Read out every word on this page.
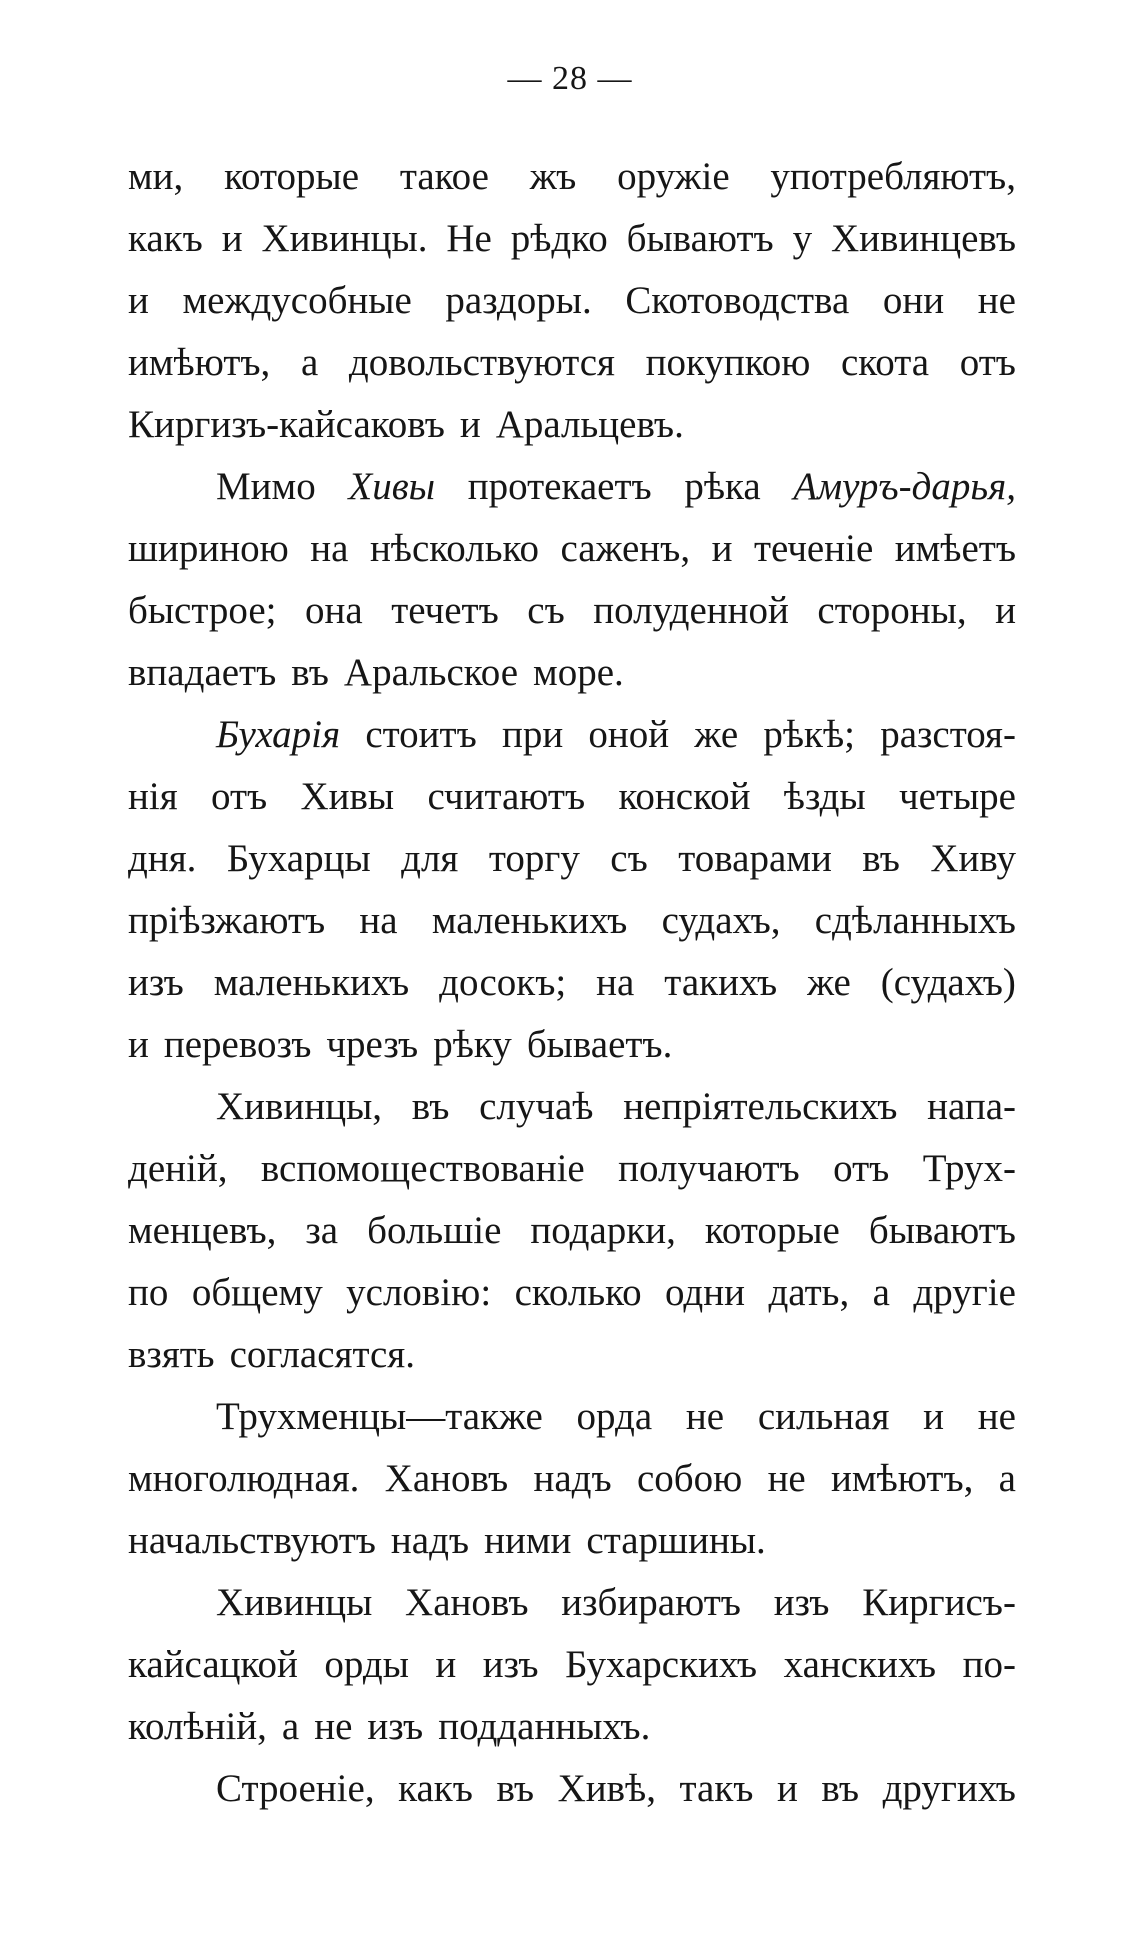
— 28 —
ми, которые такое жъ оружіе употребляютъ,
какъ и Хивинцы. Не рѣдко бываютъ у Хивинцевъ
и междусобные раздоры. Скотоводства они не
имѣютъ, а довольствуются покупкою скота отъ
Киргизъ-кайсаковъ и Аральцевъ.
Мимо Хивы протекаетъ рѣка Амуръ-дарья,
шириною на нѣсколько саженъ, и теченіе имѣетъ
быстрое; она течетъ съ полуденной стороны, и
впадаетъ въ Аральское море.
Бухарія стоитъ при оной же рѣкѣ; разстоя-
нія отъ Хивы считаютъ конской ѣзды четыре
дня. Бухарцы для торгу съ товарами въ Хиву
пріѣзжаютъ на маленькихъ судахъ, сдѣланныхъ
изъ маленькихъ досокъ; на такихъ же (судахъ)
и перевозъ чрезъ рѣку бываетъ.
Хивинцы, въ случаѣ непріятельскихъ напа-
деній, вспомоществованіе получаютъ отъ Трух-
менцевъ, за большіе подарки, которые бываютъ
по общему условію: сколько одни дать, а другіе
взять согласятся.
Трухменцы—также орда не сильная и не
многолюдная. Хановъ надъ собою не имѣютъ, а
начальствуютъ надъ ними старшины.
Хивинцы Хановъ избираютъ изъ Киргисъ-
кайсацкой орды и изъ Бухарскихъ ханскихъ по-
колѣній, а не изъ подданныхъ.
Строеніе, какъ въ Хивѣ, такъ и въ другихъ
